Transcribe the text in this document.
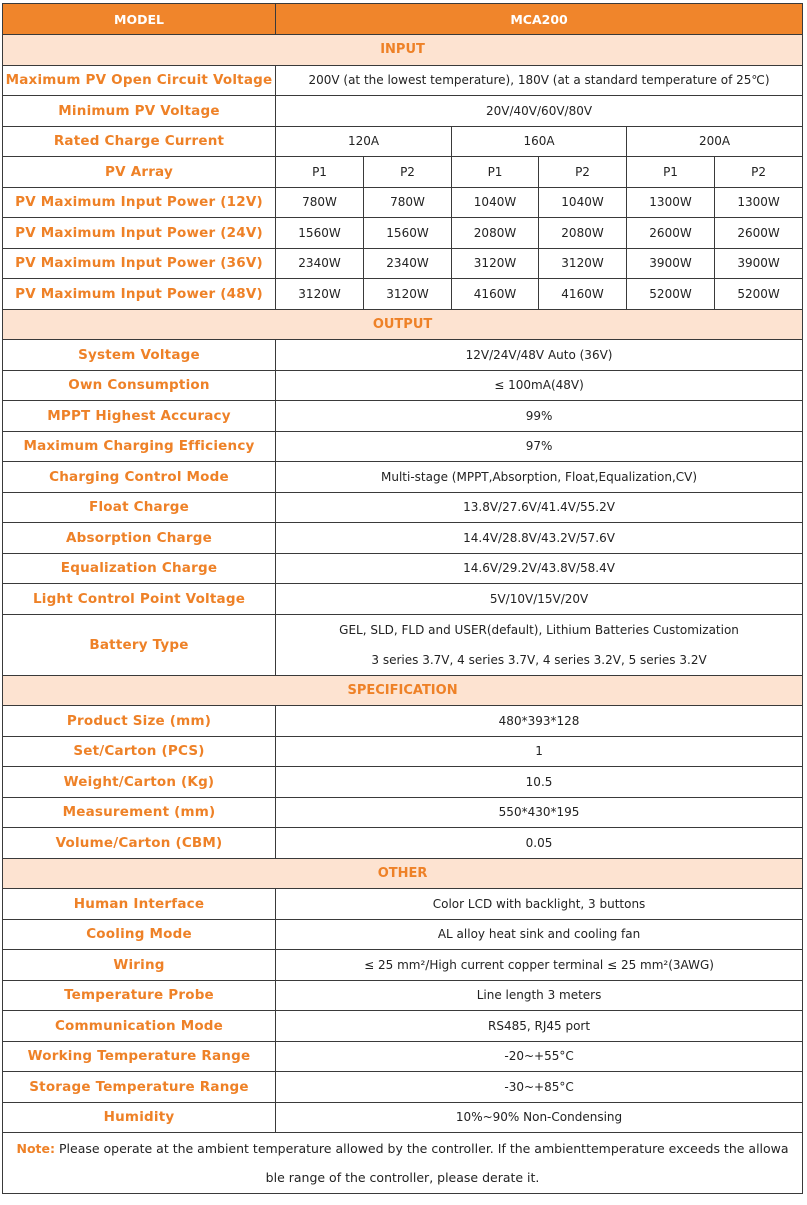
MODEL	MCA200					
INPUT						
Maximum PV Open Circuit Voltage	200V (at the lowest temperature), 180V (at a standard temperature of 25℃)					
Minimum PV Voltage	20V/40V/60V/80V					
Rated Charge Current	120A		160A		200A	
PV Array	P1	P2	P1	P2	P1	P2
PV Maximum Input Power (12V)	780W	780W	1040W	1040W	1300W	1300W
PV Maximum Input Power (24V)	1560W	1560W	2080W	2080W	2600W	2600W
PV Maximum Input Power (36V)	2340W	2340W	3120W	3120W	3900W	3900W
PV Maximum Input Power (48V)	3120W	3120W	4160W	4160W	5200W	5200W
OUTPUT						
System Voltage	12V/24V/48V Auto (36V)					
Own Consumption	≤ 100mA(48V)					
MPPT Highest Accuracy	99%					
Maximum Charging Efficiency	97%					
Charging Control Mode	Multi-stage (MPPT,Absorption, Float,Equalization,CV)					
Float Charge	13.8V/27.6V/41.4V/55.2V					
Absorption Charge	14.4V/28.8V/43.2V/57.6V					
Equalization Charge	14.6V/29.2V/43.8V/58.4V					
Light Control Point Voltage	5V/10V/15V/20V					
Battery Type	GEL, SLD, FLD and USER(default), Lithium Batteries Customization
3 series 3.7V, 4 series 3.7V, 4 series 3.2V, 5 series 3.2V					

SPECIFICATION						
Product Size (mm)	480*393*128					
Set/Carton (PCS)	1					
Weight/Carton (Kg)	10.5					
Measurement (mm)	550*430*195					
Volume/Carton (CBM)	0.05					
OTHER						
Human Interface	Color LCD with backlight, 3 buttons					
Cooling Mode	AL alloy heat sink and cooling fan					
Wiring	≤ 25 mm²/High current copper terminal ≤ 25 mm²(3AWG)					
Temperature Probe	Line length 3 meters					
Communication Mode	RS485, RJ45 port					
Working Temperature Range	-20~+55°C					
Storage Temperature Range	-30~+85°C					
Humidity	10%~90% Non-Condensing					
Note: Please operate at the ambient temperature allowed by the controller. If the ambienttemperature exceeds the allowa ble range of the controller, please derate it.						
